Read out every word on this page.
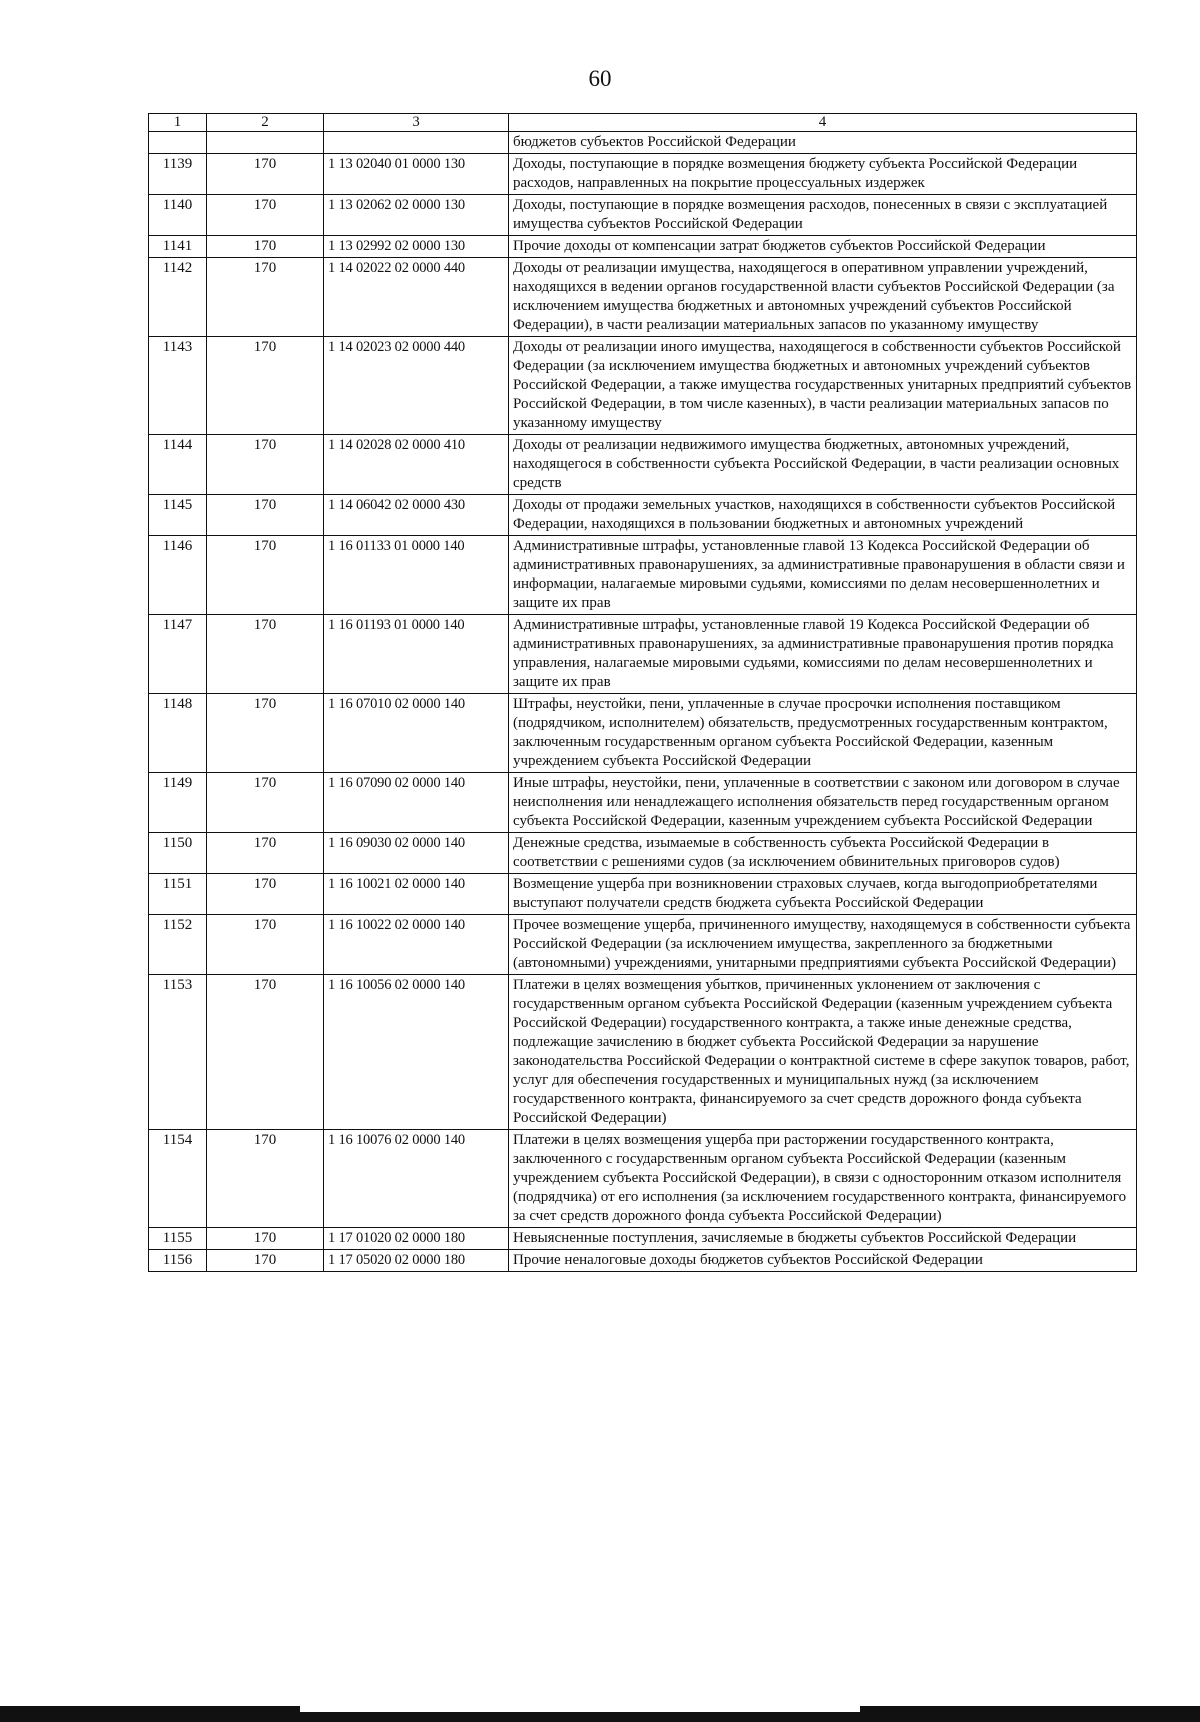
60
1	2	3	4
			бюджетов субъектов Российской Федерации
1139	170	1 13 02040 01 0000 130	Доходы, поступающие в порядке возмещения бюджету субъекта Российской Федерации расходов, направленных на покрытие процессуальных издержек
1140	170	1 13 02062 02 0000 130	Доходы, поступающие в порядке возмещения расходов, понесенных в связи с эксплуатацией имущества субъектов Российской Федерации
1141	170	1 13 02992 02 0000 130	Прочие доходы от компенсации затрат бюджетов субъектов Российской Федерации
1142	170	1 14 02022 02 0000 440	Доходы от реализации имущества, находящегося в оперативном управлении учреждений, находящихся в ведении органов государственной власти субъектов Российской Федерации (за исключением имущества бюджетных и автономных учреждений субъектов Российской Федерации), в части реализации материальных запасов по указанному имуществу
1143	170	1 14 02023 02 0000 440	Доходы от реализации иного имущества, находящегося в собственности субъектов Российской Федерации (за исключением имущества бюджетных и автономных учреждений субъектов Российской Федерации, а также имущества государственных унитарных предприятий субъектов Российской Федерации, в том числе казенных), в части реализации материальных запасов по указанному имуществу
1144	170	1 14 02028 02 0000 410	Доходы от реализации недвижимого имущества бюджетных, автономных учреждений, находящегося в собственности субъекта Российской Федерации, в части реализации основных средств
1145	170	1 14 06042 02 0000 430	Доходы от продажи земельных участков, находящихся в собственности субъектов Российской Федерации, находящихся в пользовании бюджетных и автономных учреждений
1146	170	1 16 01133 01 0000 140	Административные штрафы, установленные главой 13 Кодекса Российской Федерации об административных правонарушениях, за административные правонарушения в области связи и информации, налагаемые мировыми судьями, комиссиями по делам несовершеннолетних и защите их прав
1147	170	1 16 01193 01 0000 140	Административные штрафы, установленные главой 19 Кодекса Российской Федерации об административных правонарушениях, за административные правонарушения против порядка управления, налагаемые мировыми судьями, комиссиями по делам несовершеннолетних и защите их прав
1148	170	1 16 07010 02 0000 140	Штрафы, неустойки, пени, уплаченные в случае просрочки исполнения поставщиком (подрядчиком, исполнителем) обязательств, предусмотренных государственным контрактом, заключенным государственным органом субъекта Российской Федерации, казенным учреждением субъекта Российской Федерации
1149	170	1 16 07090 02 0000 140	Иные штрафы, неустойки, пени, уплаченные в соответствии с законом или договором в случае неисполнения или ненадлежащего исполнения обязательств перед государственным органом субъекта Российской Федерации, казенным учреждением субъекта Российской Федерации
1150	170	1 16 09030 02 0000 140	Денежные средства, изымаемые в собственность субъекта Российской Федерации в соответствии с решениями судов (за исключением обвинительных приговоров судов)
1151	170	1 16 10021 02 0000 140	Возмещение ущерба при возникновении страховых случаев, когда выгодоприобретателями выступают получатели средств бюджета субъекта Российской Федерации
1152	170	1 16 10022 02 0000 140	Прочее возмещение ущерба, причиненного имуществу, находящемуся в собственности субъекта Российской Федерации (за исключением имущества, закрепленного за бюджетными (автономными) учреждениями, унитарными предприятиями субъекта Российской Федерации)
1153	170	1 16 10056 02 0000 140	Платежи в целях возмещения убытков, причиненных уклонением от заключения с государственным органом субъекта Российской Федерации (казенным учреждением субъекта Российской Федерации) государственного контракта, а также иные денежные средства, подлежащие зачислению в бюджет субъекта Российской Федерации за нарушение законодательства Российской Федерации о контрактной системе в сфере закупок товаров, работ, услуг для обеспечения государственных и муниципальных нужд (за исключением государственного контракта, финансируемого за счет средств дорожного фонда субъекта Российской Федерации)
1154	170	1 16 10076 02 0000 140	Платежи в целях возмещения ущерба при расторжении государственного контракта, заключенного с государственным органом субъекта Российской Федерации (казенным учреждением субъекта Российской Федерации), в связи с односторонним отказом исполнителя (подрядчика) от его исполнения (за исключением государственного контракта, финансируемого за счет средств дорожного фонда субъекта Российской Федерации)
1155	170	1 17 01020 02 0000 180	Невыясненные поступления, зачисляемые в бюджеты субъектов Российской Федерации
1156	170	1 17 05020 02 0000 180	Прочие неналоговые доходы бюджетов субъектов Российской Федерации
